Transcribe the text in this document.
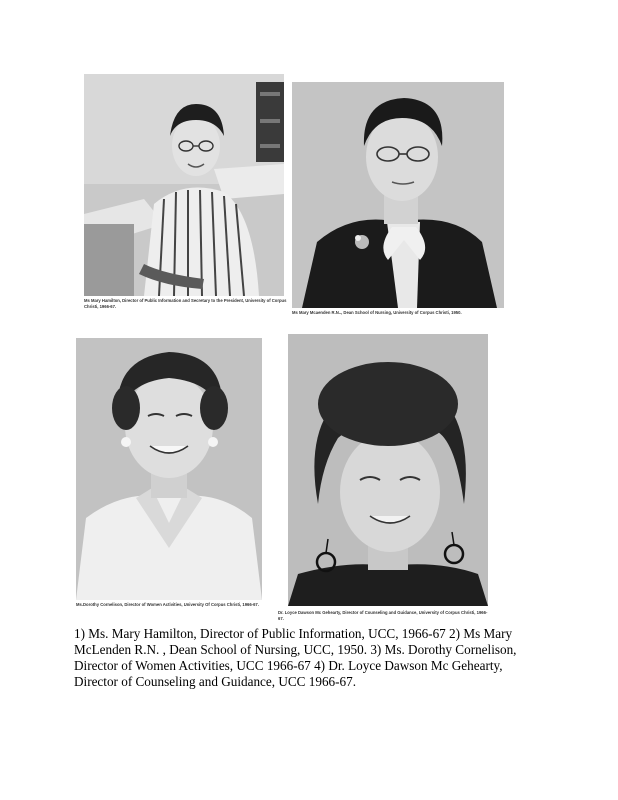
Ms Mary Hamilton, Director of Public Information and Secretary to the President, University of Corpus Christi, 1966-67.
Ms Mary Mcaenden R.N.., Dean School of Nursing, University of Corpus Christi, 1950.
Ms.Dorothy Cornelison, Director of Women Activities, University Of Corpus Christi, 1966-67.
Dr. Loyce Dawson Mc Gehearty, Director of Counseling and Guidance, University of Corpus Christi, 1966-67.

1) Ms. Mary Hamilton, Director of Public Information, UCC, 1966-67 2) Ms Mary McLenden R.N. , Dean School of Nursing, UCC, 1950. 3) Ms. Dorothy Cornelison, Director of Women Activities, UCC 1966-67 4) Dr. Loyce Dawson Mc Gehearty, Director of Counseling and Guidance, UCC 1966-67.
